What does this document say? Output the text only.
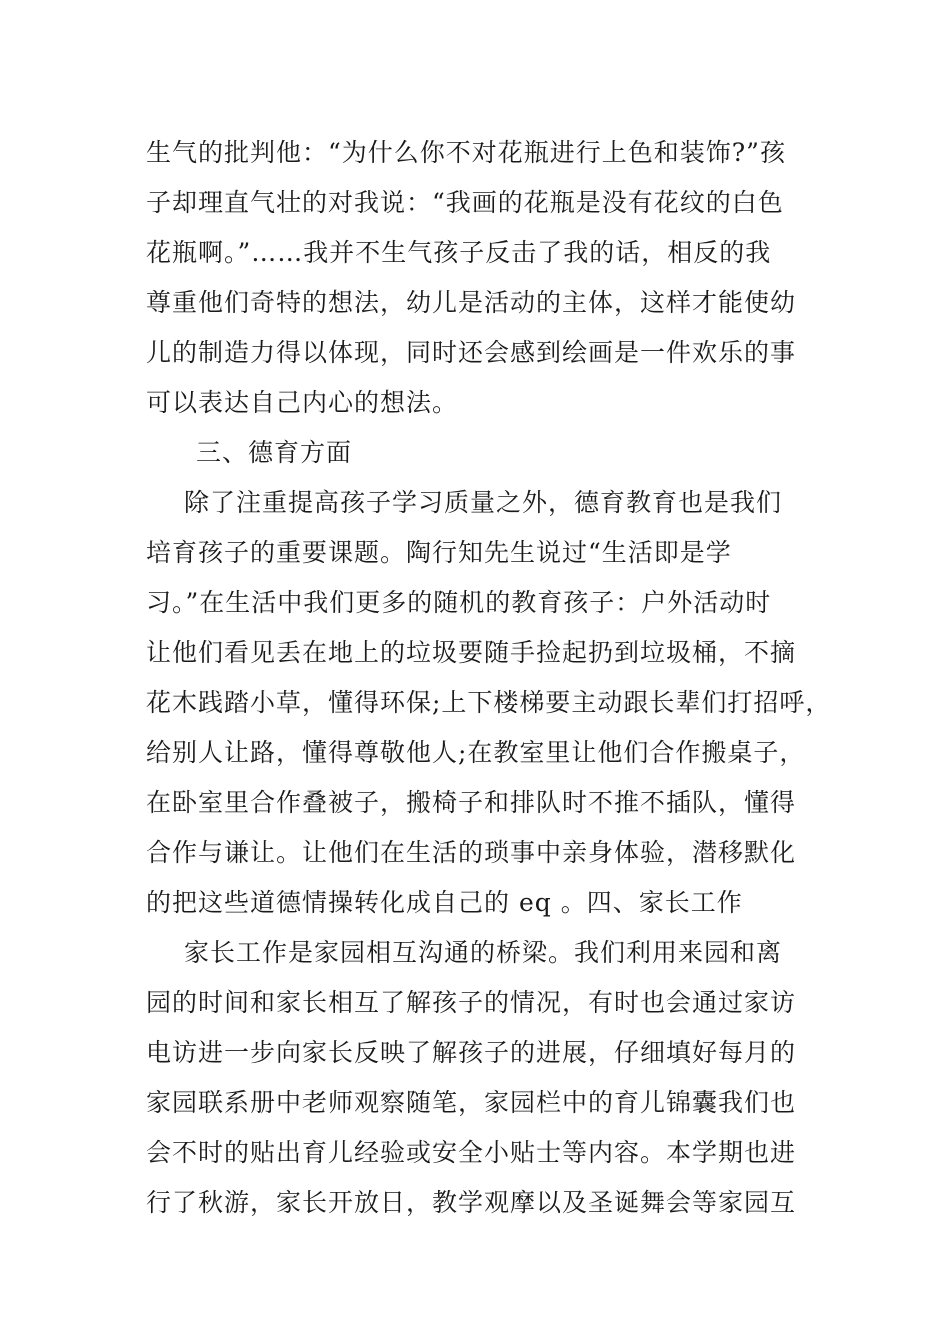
生气的批判他：“为什么你不对花瓶进行上色和装饰?”孩
子却理直气壮的对我说：“我画的花瓶是没有花纹的白色
花瓶啊。”……我并不生气孩子反击了我的话，相反的我
尊重他们奇特的想法，幼儿是活动的主体，这样才能使幼
儿的制造力得以体现，同时还会感到绘画是一件欢乐的事
可以表达自己内心的想法。
三、德育方面
除了注重提高孩子学习质量之外，德育教育也是我们
培育孩子的重要课题。陶行知先生说过“生活即是学
习。”在生活中我们更多的随机的教育孩子：户外活动时
让他们看见丢在地上的垃圾要随手捡起扔到垃圾桶，不摘
花木践踏小草，懂得环保;上下楼梯要主动跟长辈们打招呼，
给别人让路，懂得尊敬他人;在教室里让他们合作搬桌子，
在卧室里合作叠被子，搬椅子和排队时不推不插队，懂得
合作与谦让。让他们在生活的琐事中亲身体验，潜移默化
的把这些道德情操转化成自己的 eq 。四、家长工作
家长工作是家园相互沟通的桥梁。我们利用来园和离
园的时间和家长相互了解孩子的情况，有时也会通过家访
电访进一步向家长反映了解孩子的进展，仔细填好每月的
家园联系册中老师观察随笔，家园栏中的育儿锦囊我们也
会不时的贴出育儿经验或安全小贴士等内容。本学期也进
行了秋游，家长开放日，教学观摩以及圣诞舞会等家园互
